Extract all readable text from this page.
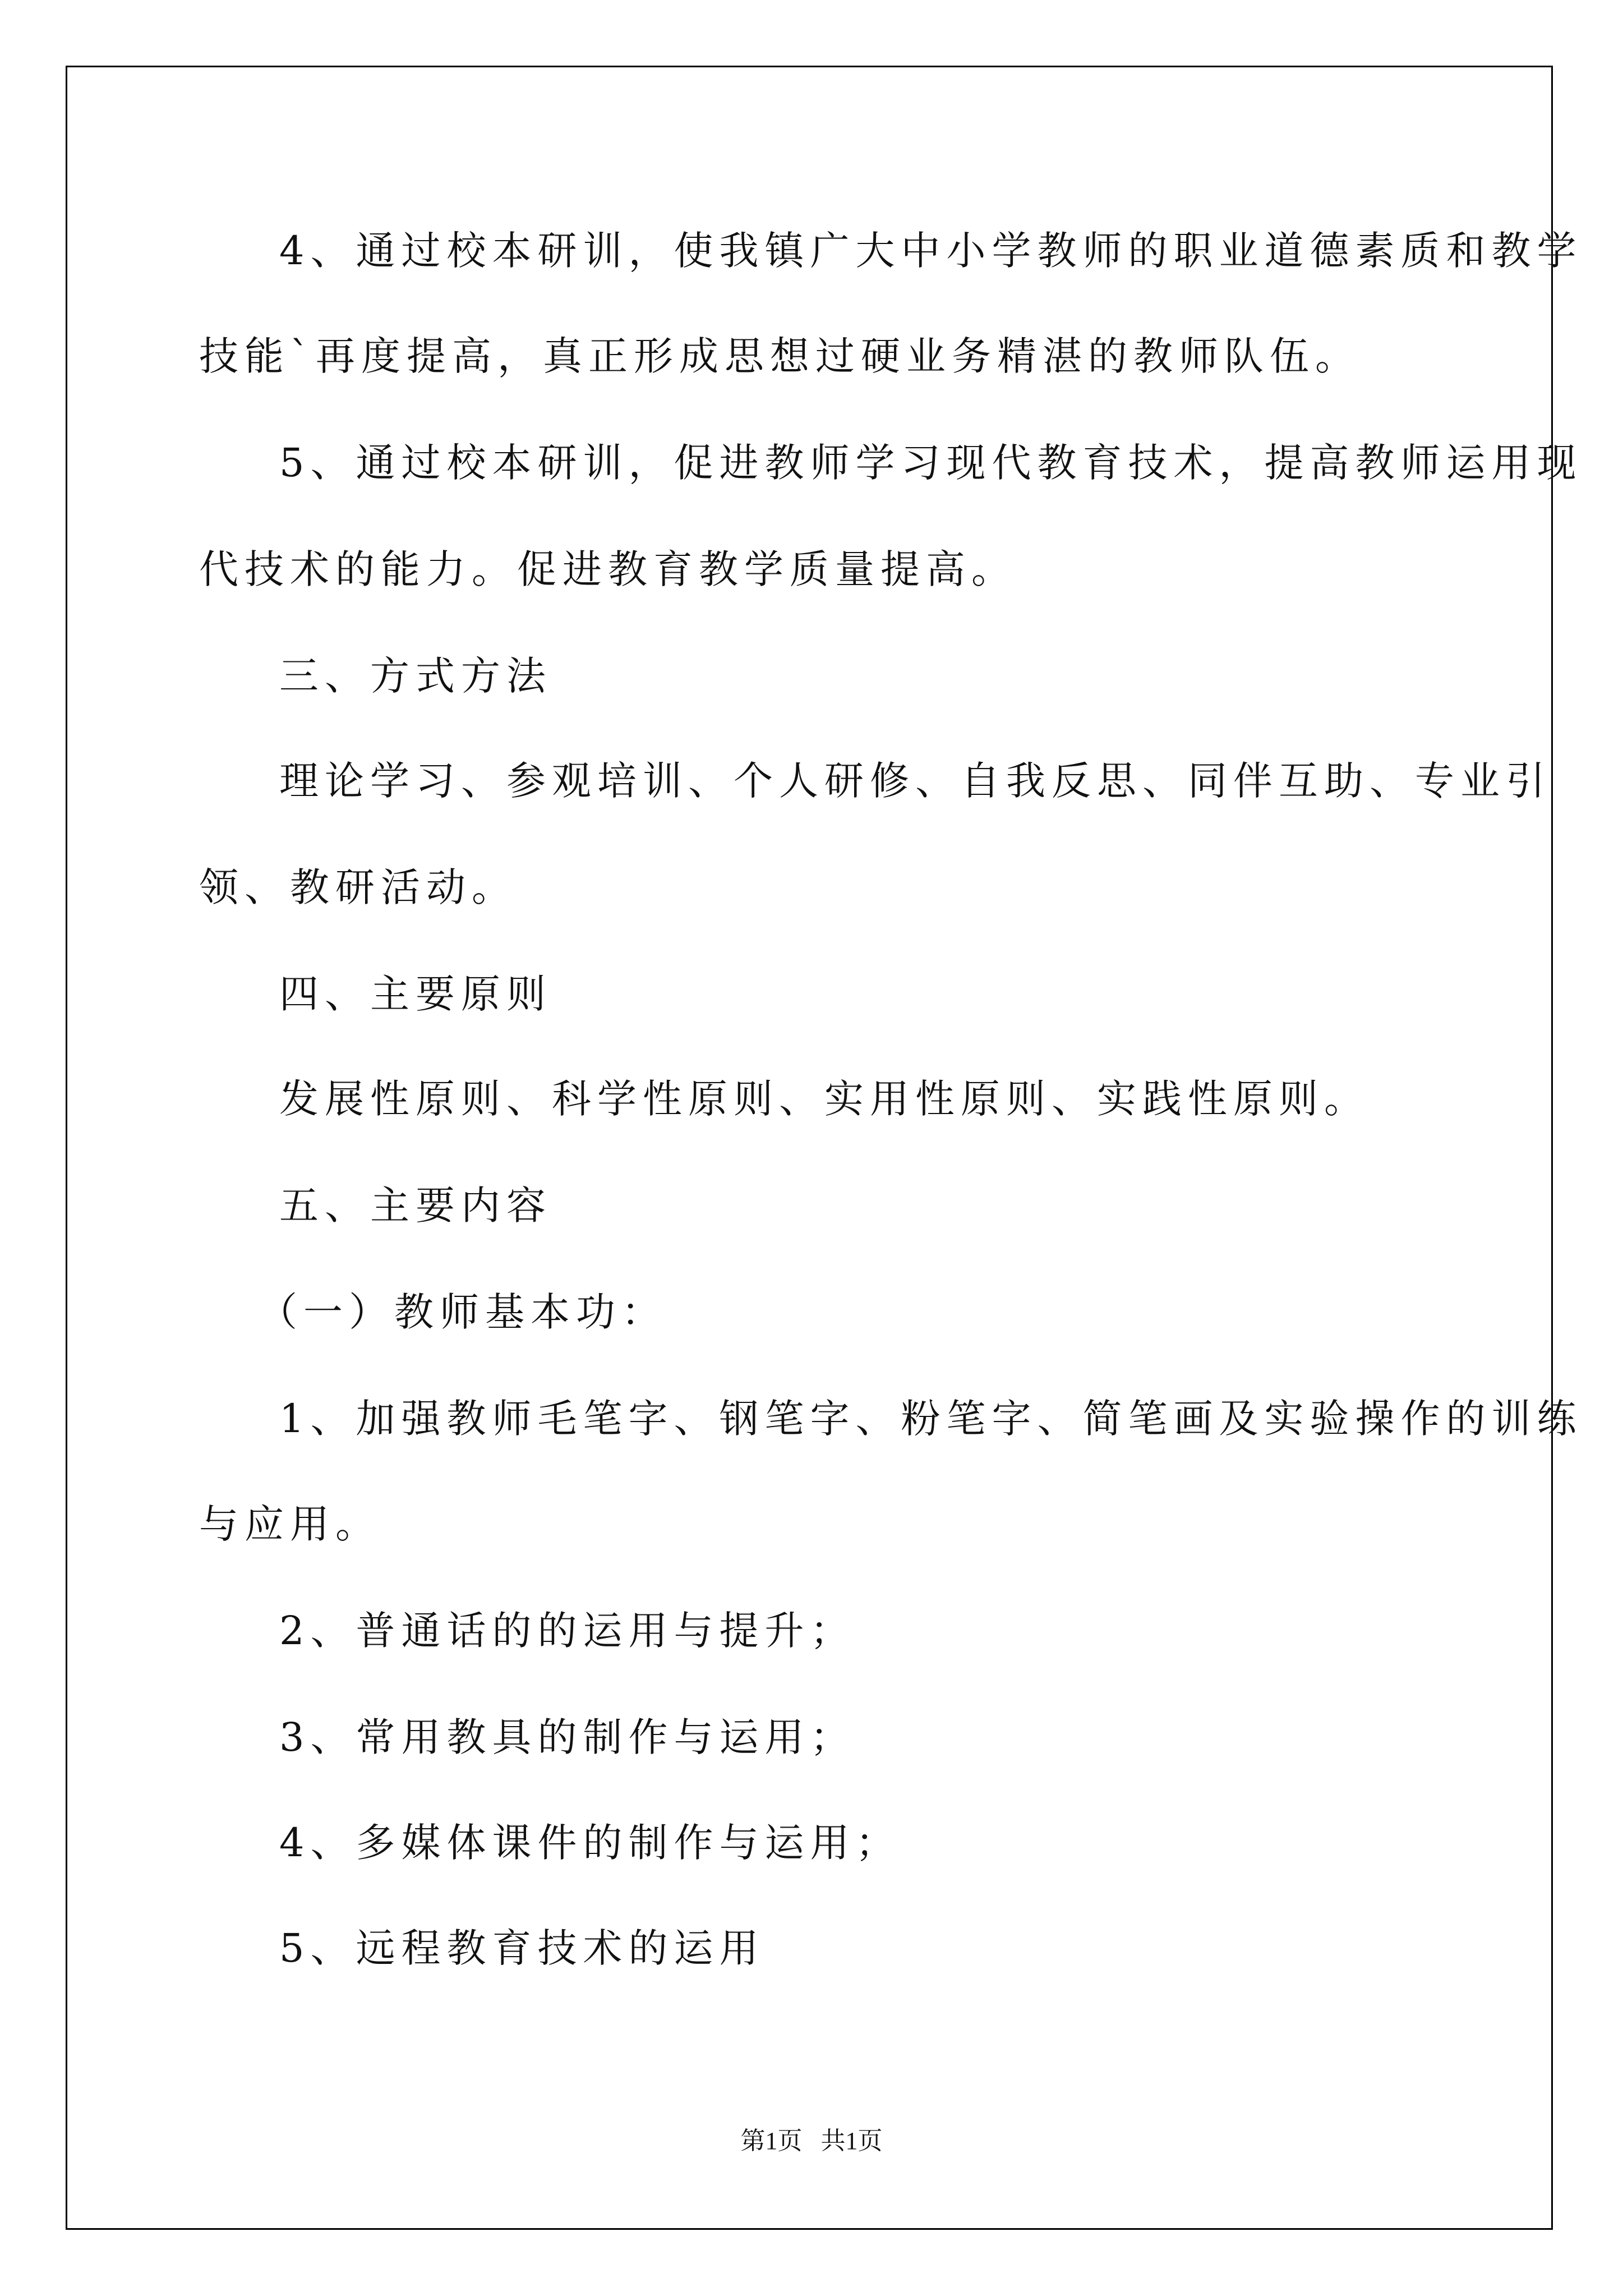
4、通过校本研训，使我镇广大中小学教师的职业道德素质和教学

技能`再度提高，真正形成思想过硬业务精湛的教师队伍。

5、通过校本研训，促进教师学习现代教育技术，提高教师运用现

代技术的能力。促进教育教学质量提高。

三、方式方法

理论学习、参观培训、个人研修、自我反思、同伴互助、专业引

领、教研活动。

四、主要原则

发展性原则、科学性原则、实用性原则、实践性原则。

五、主要内容

（一）教师基本功：

1、加强教师毛笔字、钢笔字、粉笔字、简笔画及实验操作的训练

与应用。

2、普通话的的运用与提升；

3、常用教具的制作与运用；

4、多媒体课件的制作与运用；

5、远程教育技术的运用

第1页   共1页
